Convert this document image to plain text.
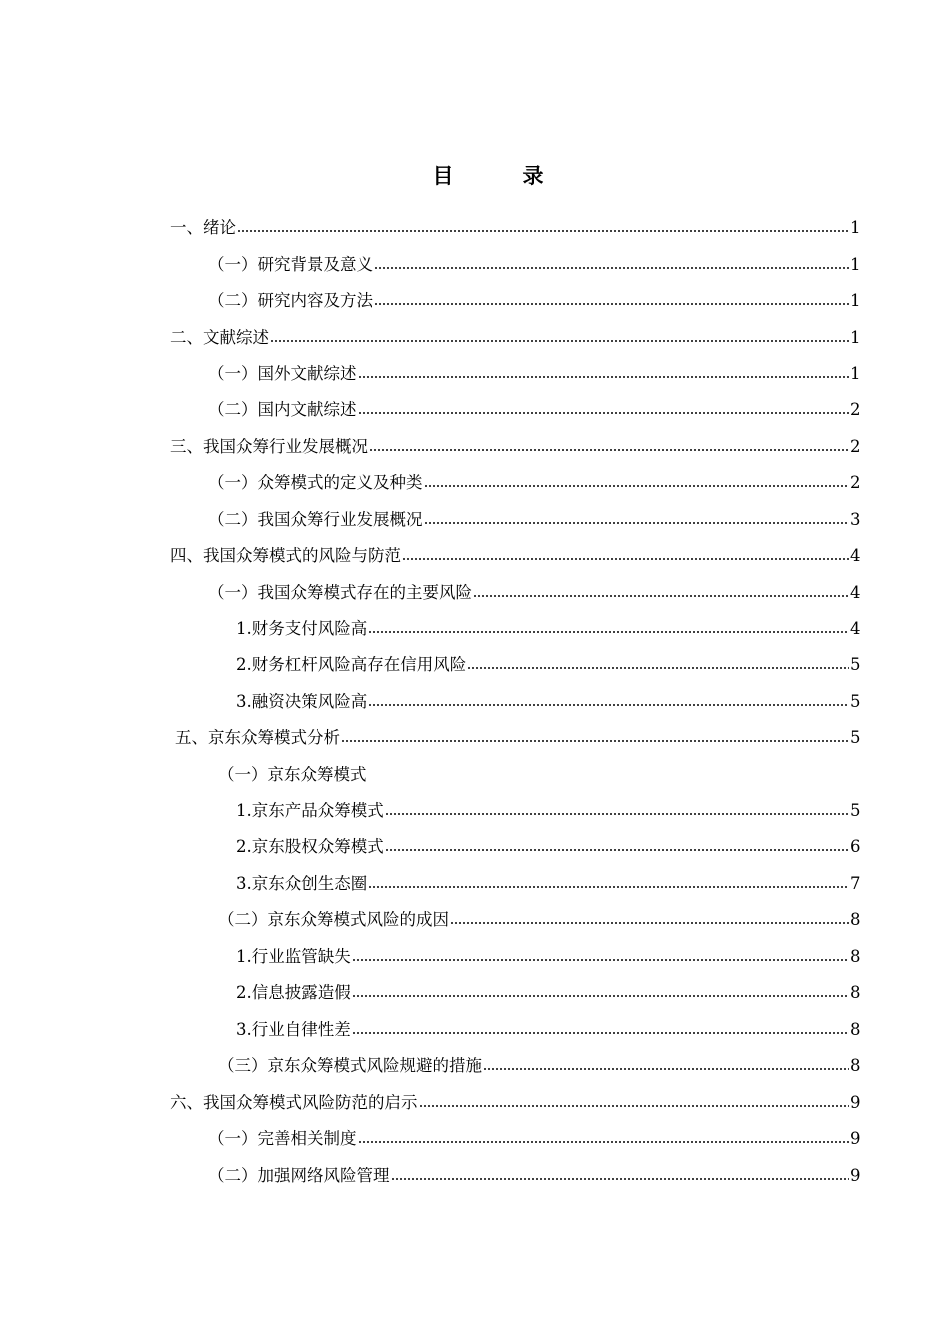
目　录
一、绪论	1
（一）研究背景及意义	1
（二）研究内容及方法	1
二、文献综述	1
（一）国外文献综述	1
（二）国内文献综述	2
三、我国众筹行业发展概况	2
（一）众筹模式的定义及种类	2
（二）我国众筹行业发展概况	3
四、我国众筹模式的风险与防范	4
（一）我国众筹模式存在的主要风险	4
1.财务支付风险高	4
2.财务杠杆风险高存在信用风险	5
3.融资决策风险高	5
五、京东众筹模式分析	5
（一）京东众筹模式
1.京东产品众筹模式	5
2.京东股权众筹模式	6
3.京东众创生态圈	7
（二）京东众筹模式风险的成因	8
1.行业监管缺失	8
2.信息披露造假	8
3.行业自律性差	8
（三）京东众筹模式风险规避的措施	8
六、我国众筹模式风险防范的启示	9
（一）完善相关制度	9
（二）加强网络风险管理	9
